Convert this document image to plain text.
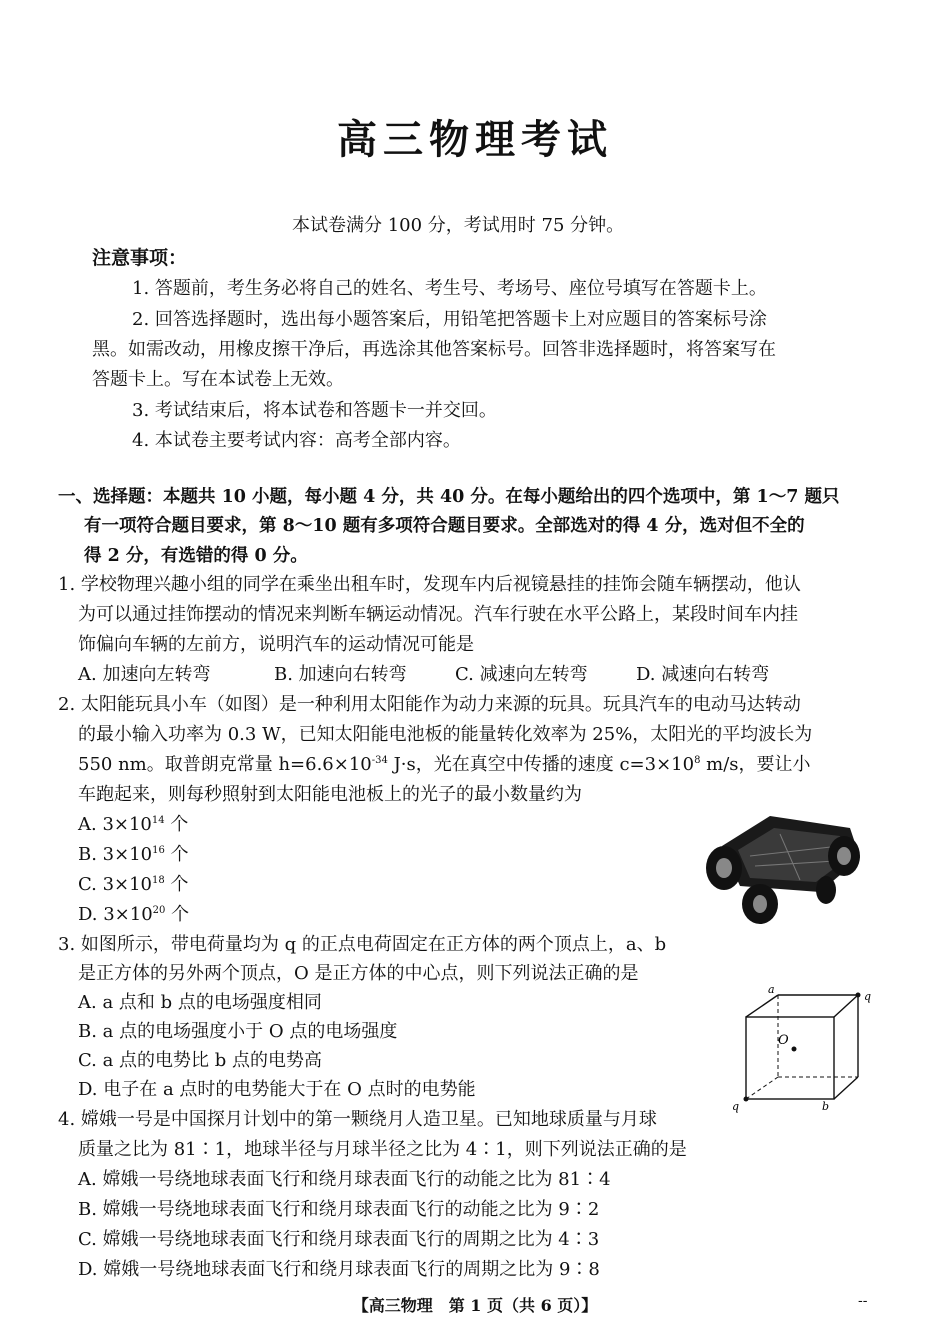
高三物理考试
本试卷满分 100 分，考试用时 75 分钟。
注意事项：
1. 答题前，考生务必将自己的姓名、考生号、考场号、座位号填写在答题卡上。
2. 回答选择题时，选出每小题答案后，用铅笔把答题卡上对应题目的答案标号涂
黑。如需改动，用橡皮擦干净后，再选涂其他答案标号。回答非选择题时，将答案写在
答题卡上。写在本试卷上无效。
3. 考试结束后，将本试卷和答题卡一并交回。
4. 本试卷主要考试内容：高考全部内容。
一、选择题：本题共 10 小题，每小题 4 分，共 40 分。在每小题给出的四个选项中，第 1～7 题只
有一项符合题目要求，第 8～10 题有多项符合题目要求。全部选对的得 4 分，选对但不全的
得 2 分，有选错的得 0 分。
1. 学校物理兴趣小组的同学在乘坐出租车时，发现车内后视镜悬挂的挂饰会随车辆摆动，他认
为可以通过挂饰摆动的情况来判断车辆运动情况。汽车行驶在水平公路上，某段时间车内挂
饰偏向车辆的左前方，说明汽车的运动情况可能是
A. 加速向左转弯	B. 加速向右转弯	C. 减速向左转弯	D. 减速向右转弯
2. 太阳能玩具小车（如图）是一种利用太阳能作为动力来源的玩具。玩具汽车的电动马达转动
的最小输入功率为 0.3 W，已知太阳能电池板的能量转化效率为 25%，太阳光的平均波长为
550 nm。取普朗克常量 $h=6.6\times 10^{-34}$ J·s，光在真空中传播的速度 $c=3\times 10^8$ m/s，要让小
车跑起来，则每秒照射到太阳能电池板上的光子的最小数量约为
A. $3\times 10^{14}$ 个
B. $3\times 10^{16}$ 个
C. $3\times 10^{18}$ 个
D. $3\times 10^{20}$ 个
3. 如图所示，带电荷量均为 q 的正点电荷固定在正方体的两个顶点上，a、b
是正方体的另外两个顶点，O 是正方体的中心点，则下列说法正确的是
A. a 点和 b 点的电场强度相同
B. a 点的电场强度小于 O 点的电场强度
C. a 点的电势比 b 点的电势高
D. 电子在 a 点时的电势能大于在 O 点时的电势能
a
q
q	b
O
4. 嫦娥一号是中国探月计划中的第一颗绕月人造卫星。已知地球质量与月球
质量之比为 81∶1，地球半径与月球半径之比为 4∶1，则下列说法正确的是
A. 嫦娥一号绕地球表面飞行和绕月球表面飞行的动能之比为 81∶4
B. 嫦娥一号绕地球表面飞行和绕月球表面飞行的动能之比为 9∶2
C. 嫦娥一号绕地球表面飞行和绕月球表面飞行的周期之比为 4∶3
D. 嫦娥一号绕地球表面飞行和绕月球表面飞行的周期之比为 9∶8
【高三物理　第 1 页（共 6 页）】	--
